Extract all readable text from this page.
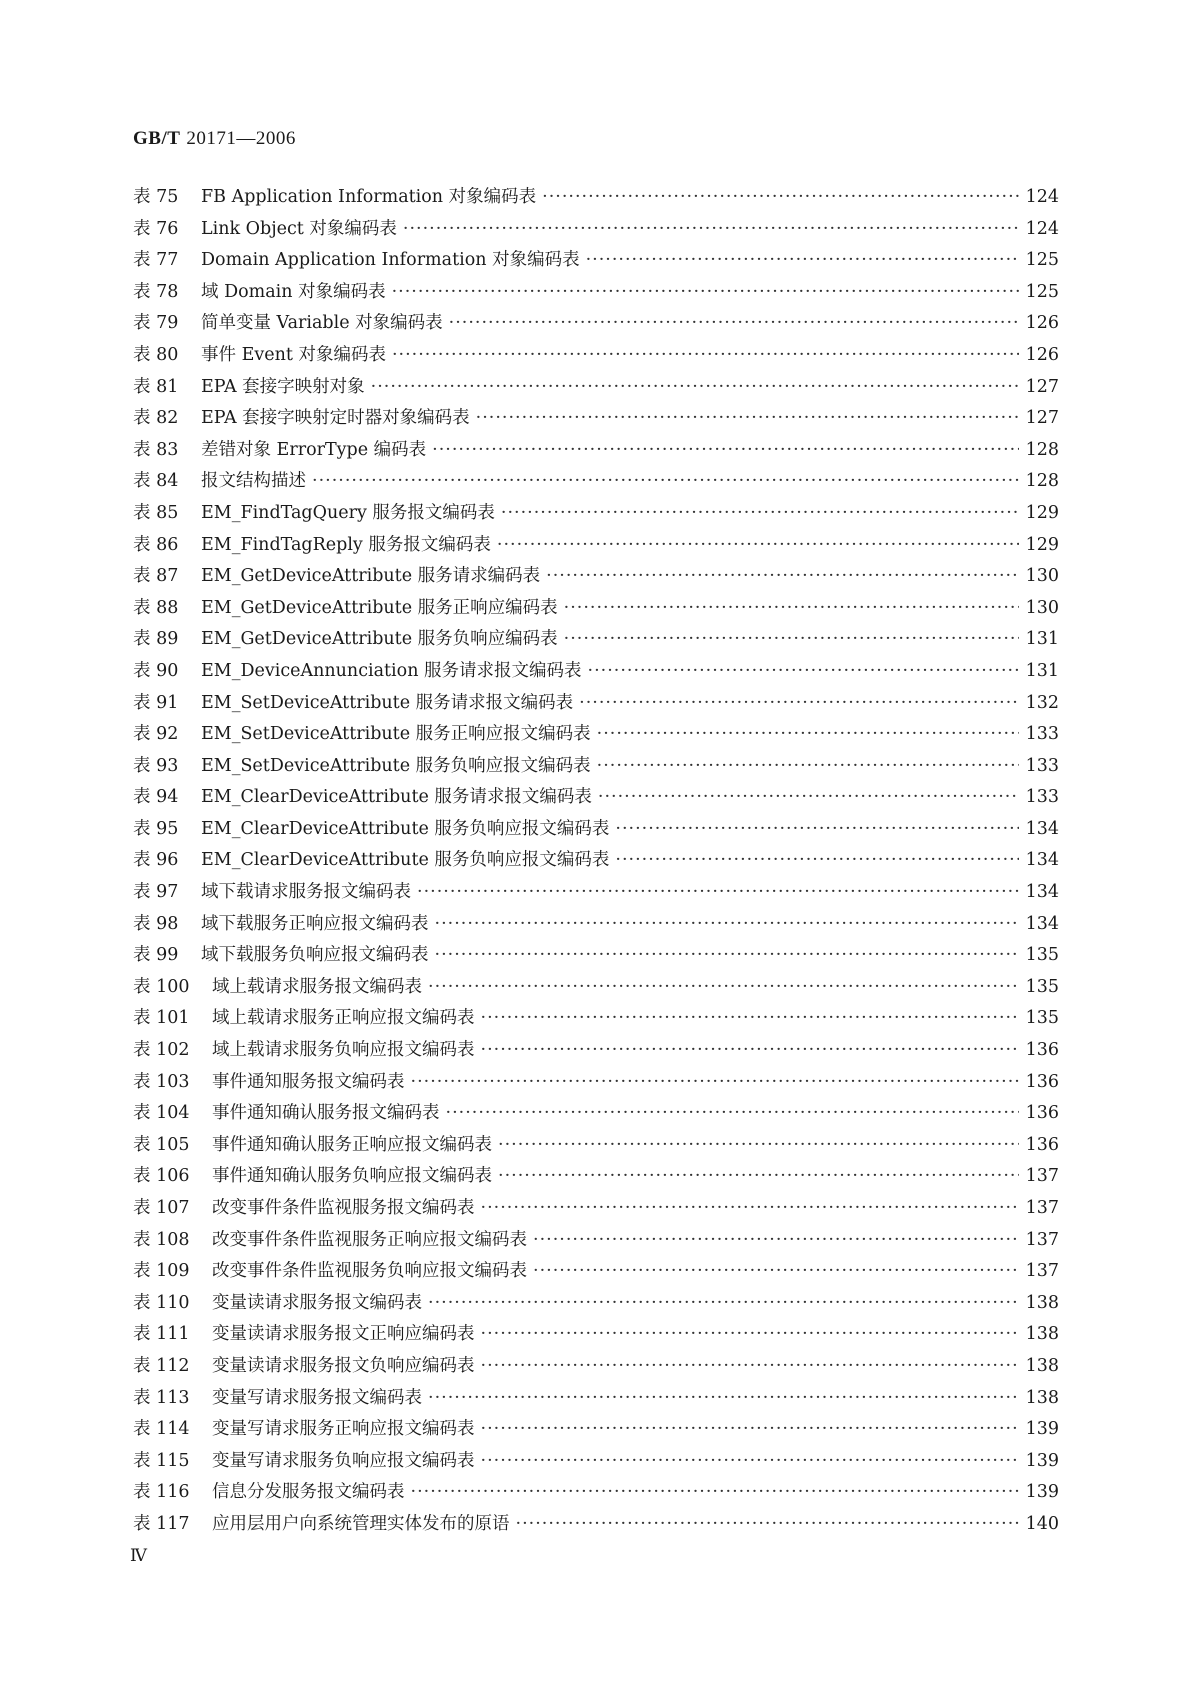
GB/T 20171—2006
表 75	FB Application Information 对象编码表 ·····	124
表 76	Link Object 对象编码表 ·····	124
表 77	Domain Application Information 对象编码表 ·····	125
表 78	域 Domain 对象编码表 ·····	125
表 79	简单变量 Variable 对象编码表 ·····	126
表 80	事件 Event 对象编码表 ·····	126
表 81	EPA 套接字映射对象 ·····	127
表 82	EPA 套接字映射定时器对象编码表 ·····	127
表 83	差错对象 ErrorType 编码表 ·····	128
表 84	报文结构描述 ·····	128
表 85	EM_FindTagQuery 服务报文编码表 ·····	129
表 86	EM_FindTagReply 服务报文编码表 ·····	129
表 87	EM_GetDeviceAttribute 服务请求编码表 ·····	130
表 88	EM_GetDeviceAttribute 服务正响应编码表 ·····	130
表 89	EM_GetDeviceAttribute 服务负响应编码表 ·····	131
表 90	EM_DeviceAnnunciation 服务请求报文编码表 ·····	131
表 91	EM_SetDeviceAttribute 服务请求报文编码表 ·····	132
表 92	EM_SetDeviceAttribute 服务正响应报文编码表 ·····	133
表 93	EM_SetDeviceAttribute 服务负响应报文编码表 ·····	133
表 94	EM_ClearDeviceAttribute 服务请求报文编码表 ·····	133
表 95	EM_ClearDeviceAttribute 服务负响应报文编码表 ·····	134
表 96	EM_ClearDeviceAttribute 服务负响应报文编码表 ·····	134
表 97	域下载请求服务报文编码表 ·····	134
表 98	域下载服务正响应报文编码表 ·····	134
表 99	域下载服务负响应报文编码表 ·····	135
表 100	域上载请求服务报文编码表 ·····	135
表 101	域上载请求服务正响应报文编码表 ·····	135
表 102	域上载请求服务负响应报文编码表 ·····	136
表 103	事件通知服务报文编码表 ·····	136
表 104	事件通知确认服务报文编码表 ·····	136
表 105	事件通知确认服务正响应报文编码表 ·····	136
表 106	事件通知确认服务负响应报文编码表 ·····	137
表 107	改变事件条件监视服务报文编码表 ·····	137
表 108	改变事件条件监视服务正响应报文编码表 ·····	137
表 109	改变事件条件监视服务负响应报文编码表 ·····	137
表 110	变量读请求服务报文编码表 ·····	138
表 111	变量读请求服务报文正响应编码表 ·····	138
表 112	变量读请求服务报文负响应编码表 ·····	138
表 113	变量写请求服务报文编码表 ·····	138
表 114	变量写请求服务正响应报文编码表 ·····	139
表 115	变量写请求服务负响应报文编码表 ·····	139
表 116	信息分发服务报文编码表 ·····	139
表 117	应用层用户向系统管理实体发布的原语 ·····	140
Ⅳ
